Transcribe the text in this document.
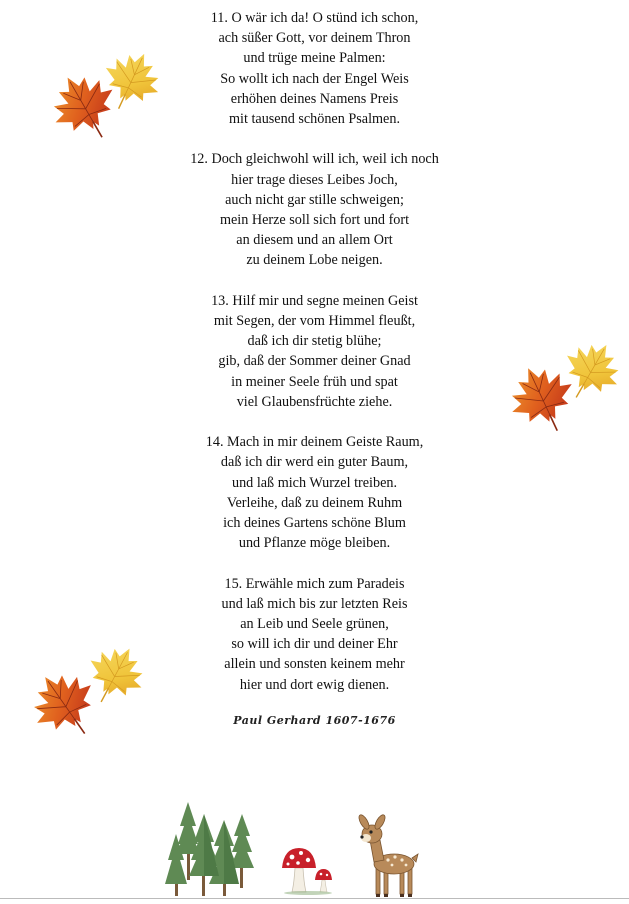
11. O wär ich da! O stünd ich schon,
ach süßer Gott, vor deinem Thron
und trüge meine Palmen:
So wollt ich nach der Engel Weis
erhöhen deines Namens Preis
mit tausend schönen Psalmen.
12. Doch gleichwohl will ich, weil ich noch
hier trage dieses Leibes Joch,
auch nicht gar stille schweigen;
mein Herze soll sich fort und fort
an diesem und an allem Ort
zu deinem Lobe neigen.
13. Hilf mir und segne meinen Geist
mit Segen, der vom Himmel fleußt,
daß ich dir stetig blühe;
gib, daß der Sommer deiner Gnad
in meiner Seele früh und spat
viel Glaubensfrüchte ziehe.
14. Mach in mir deinem Geiste Raum,
daß ich dir werd ein guter Baum,
und laß mich Wurzel treiben.
Verleihe, daß zu deinem Ruhm
ich deines Gartens schöne Blum
und Pflanze möge bleiben.
15. Erwähle mich zum Paradeis
und laß mich bis zur letzten Reis
an Leib und Seele grünen,
so will ich dir und deiner Ehr
allein und sonsten keinem mehr
hier und dort ewig dienen.
Paul Gerhard 1607-1676
